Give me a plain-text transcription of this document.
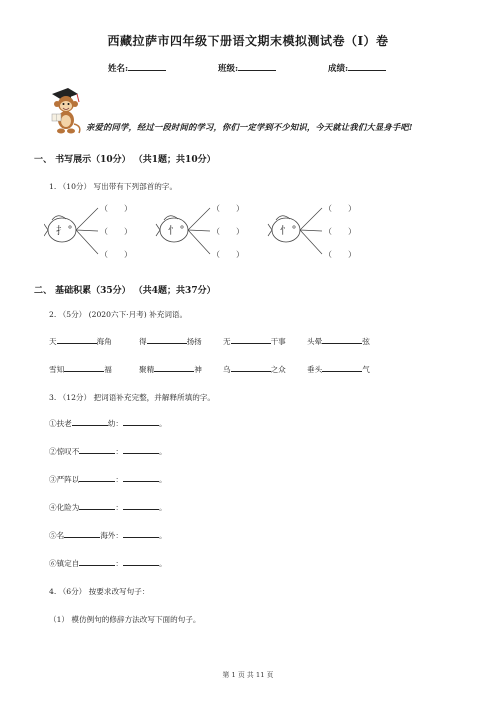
西藏拉萨市四年级下册语文期末模拟测试卷（I）卷
姓名:	班级:	成绩:
亲爱的同学，经过一段时间的学习，你们一定学到不少知识，今天就让我们大显身手吧!
一、 书写展示（10分） （共1题；共10分）
1. （10分） 写出带有下列部首的字。
扌
（　　）
（　　）
（　　）
忄
（　　）
（　　）
（　　）
忄
（　　）
（　　）
（　　）
二、 基础积累（35分） （共4题；共37分）
2. （5分） (2020六下·月考) 补充词语。
天	海角	得	扬扬	无	干事	头晕	弦
雪知	福	聚精	神	乌	之众	垂头	气
3. （12分） 把词语补充完整，并解释所填的字。
①扶老	幼：	。
②惊叹不	：	。
③严阵以	：	。
④化险为	：	。
⑤名	海外：	。
⑥镇定自	：	。
4. （6分） 按要求改写句子：
（1） 模仿例句的修辞方法改写下面的句子。
第 1 页 共 11 页
